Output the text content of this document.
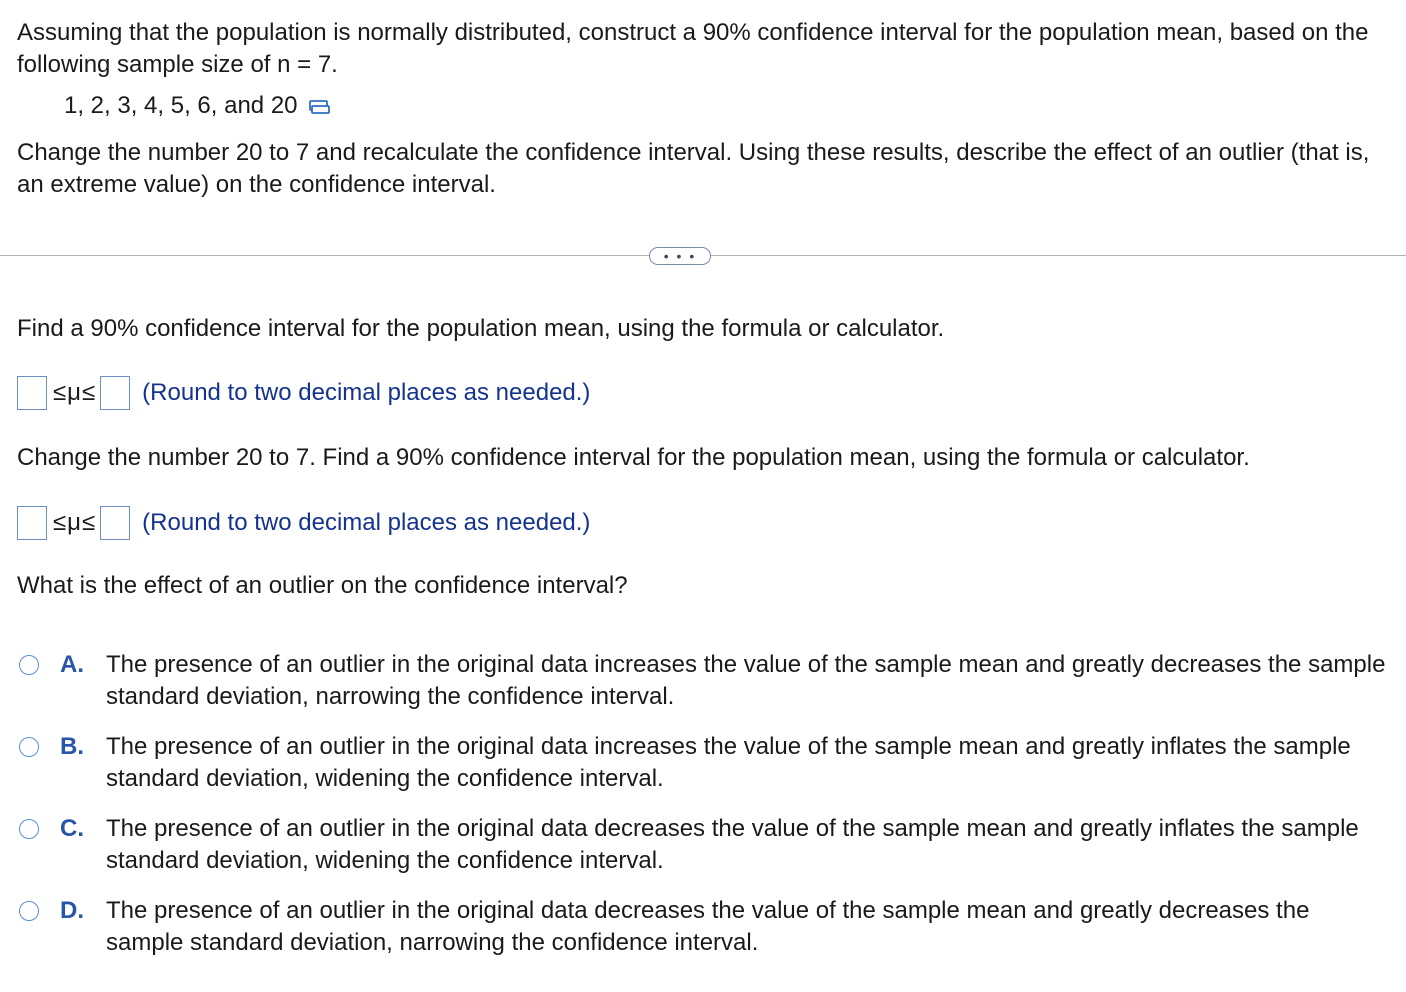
Assuming that the population is normally distributed, construct a 90% confidence interval for the population mean, based on the following sample size of n = 7.
1, 2, 3, 4, 5, 6, and 20
Change the number 20 to 7 and recalculate the confidence interval. Using these results, describe the effect of an outlier (that is, an extreme value) on the confidence interval.
• • •
Find a 90% confidence interval for the population mean, using the formula or calculator.
≤μ≤ (Round to two decimal places as needed.)
Change the number 20 to 7. Find a 90% confidence interval for the population mean, using the formula or calculator.
≤μ≤ (Round to two decimal places as needed.)
What is the effect of an outlier on the confidence interval?
A. The presence of an outlier in the original data increases the value of the sample mean and greatly decreases the sample standard deviation, narrowing the confidence interval.
B. The presence of an outlier in the original data increases the value of the sample mean and greatly inflates the sample standard deviation, widening the confidence interval.
C. The presence of an outlier in the original data decreases the value of the sample mean and greatly inflates the sample standard deviation, widening the confidence interval.
D. The presence of an outlier in the original data decreases the value of the sample mean and greatly decreases the sample standard deviation, narrowing the confidence interval.
